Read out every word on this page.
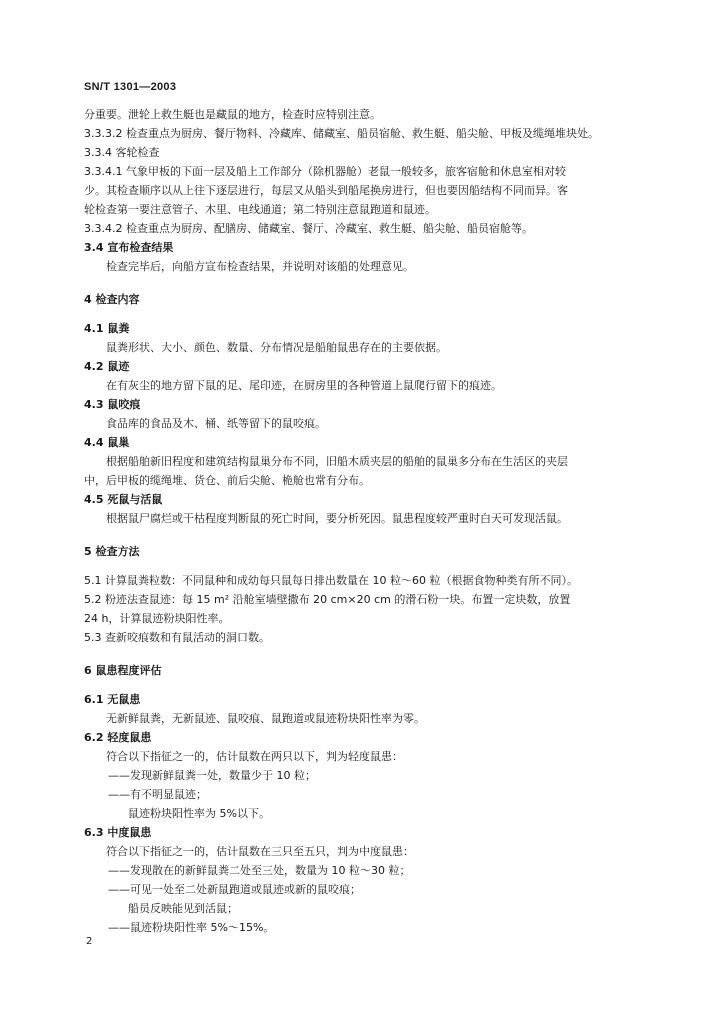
SN/T 1301—2003
分重要。泄轮上救生艇也是藏鼠的地方，检查时应特别注意。
3.3.3.2 检查重点为厨房、餐厅物料、冷藏库、储藏室、船员宿舱、救生艇、船尖舱、甲板及缆绳堆块处。
3.3.4 客轮检查
3.3.4.1 气象甲板的下面一层及船上工作部分（除机器舱）老鼠一般较多，旅客宿舱和休息室相对较
少。其检查顺序以从上往下逐层进行，每层又从船头到船尾换房进行，但也要因船结构不同而异。客
轮检查第一要注意管子、木里、电线通道；第二特别注意鼠跑道和鼠迹。
3.3.4.2 检查重点为厨房、配膳房、储藏室、餐厅、冷藏室、救生艇、船尖舱、船员宿舱等。
3.4 宣布检查结果
检查完毕后，向船方宣布检查结果，并说明对该船的处理意见。
4 检查内容
4.1 鼠粪
鼠粪形状、大小、颜色、数量、分布情况是船舶鼠患存在的主要依据。
4.2 鼠迹
在有灰尘的地方留下鼠的足、尾印迹，在厨房里的各种管道上鼠爬行留下的痕迹。
4.3 鼠咬痕
食品库的食品及木、桶、纸等留下的鼠咬痕。
4.4 鼠巢
根据船舶新旧程度和建筑结构鼠巢分布不同，旧船木质夹层的船舶的鼠巢多分布在生活区的夹层
中，后甲板的缆绳堆、货仓、前后尖舱、桅舱也常有分布。
4.5 死鼠与活鼠
根据鼠尸腐烂或干枯程度判断鼠的死亡时间，要分析死因。鼠患程度较严重时白天可发现活鼠。
5 检查方法
5.1 计算鼠粪粒数：不同鼠种和成幼每只鼠每日排出数量在 10 粒～60 粒（根据食物种类有所不同）。
5.2 粉迹法查鼠迹：每 15 m² 沿舱室墙壁撒布 20 cm×20 cm 的滑石粉一块。布置一定块数，放置
24 h，计算鼠迹粉块阳性率。
5.3 查新咬痕数和有鼠活动的洞口数。
6 鼠患程度评估
6.1 无鼠患
无新鲜鼠粪，无新鼠迹、鼠咬痕、鼠跑道或鼠迹粉块阳性率为零。
6.2 轻度鼠患
符合以下指征之一的，估计鼠数在两只以下，判为轻度鼠患：
——发现新鲜鼠粪一处，数量少于 10 粒；
——有不明显鼠迹；
鼠迹粉块阳性率为 5%以下。
6.3 中度鼠患
符合以下指征之一的，估计鼠数在三只至五只，判为中度鼠患：
——发现散在的新鲜鼠粪二处至三处，数量为 10 粒～30 粒；
——可见一处至二处新鼠跑道或鼠迹或新的鼠咬痕；
船员反映能见到活鼠；
——鼠迹粉块阳性率 5%～15%。
2
